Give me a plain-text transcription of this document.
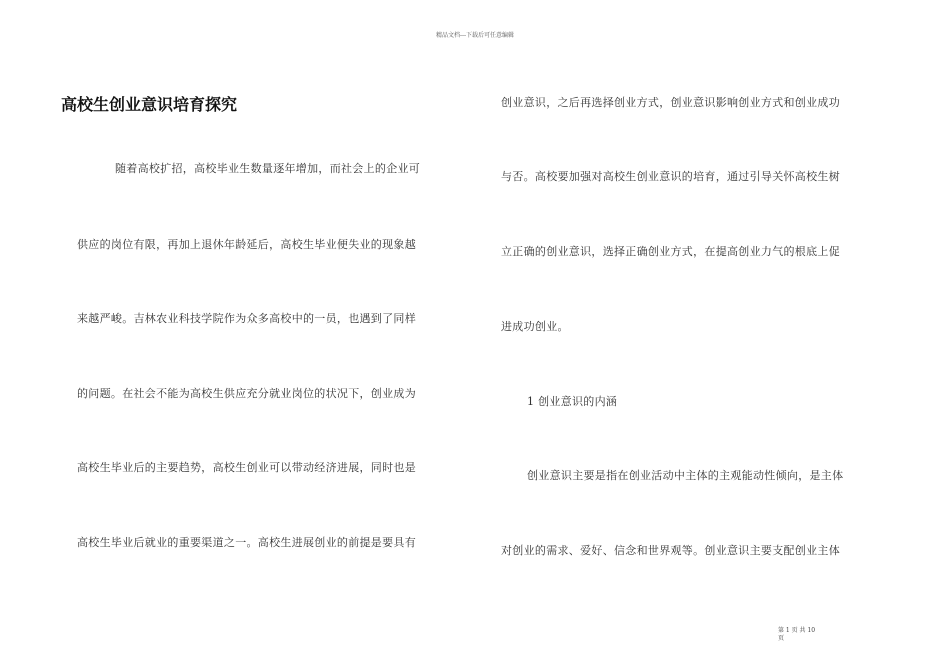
精品文档---下载后可任意编辑
高校生创业意识培育探究
随着高校扩招，高校毕业生数量逐年增加，而社会上的企业可
供应的岗位有限，再加上退休年龄延后，高校生毕业便失业的现象越
来越严峻。吉林农业科技学院作为众多高校中的一员，也遇到了同样
的问题。在社会不能为高校生供应充分就业岗位的状况下，创业成为
高校生毕业后的主要趋势，高校生创业可以带动经济进展，同时也是
高校生毕业后就业的重要渠道之一。高校生进展创业的前提是要具有
创业意识，之后再选择创业方式，创业意识影响创业方式和创业成功
与否。高校要加强对高校生创业意识的培育，通过引导关怀高校生树
立正确的创业意识，选择正确创业方式，在提高创业力气的根底上促
进成功创业。
1 创业意识的内涵
创业意识主要是指在创业活动中主体的主观能动性倾向，是主体
对创业的需求、爱好、信念和世界观等。创业意识主要支配创业主体
第 1 页 共 10
页
